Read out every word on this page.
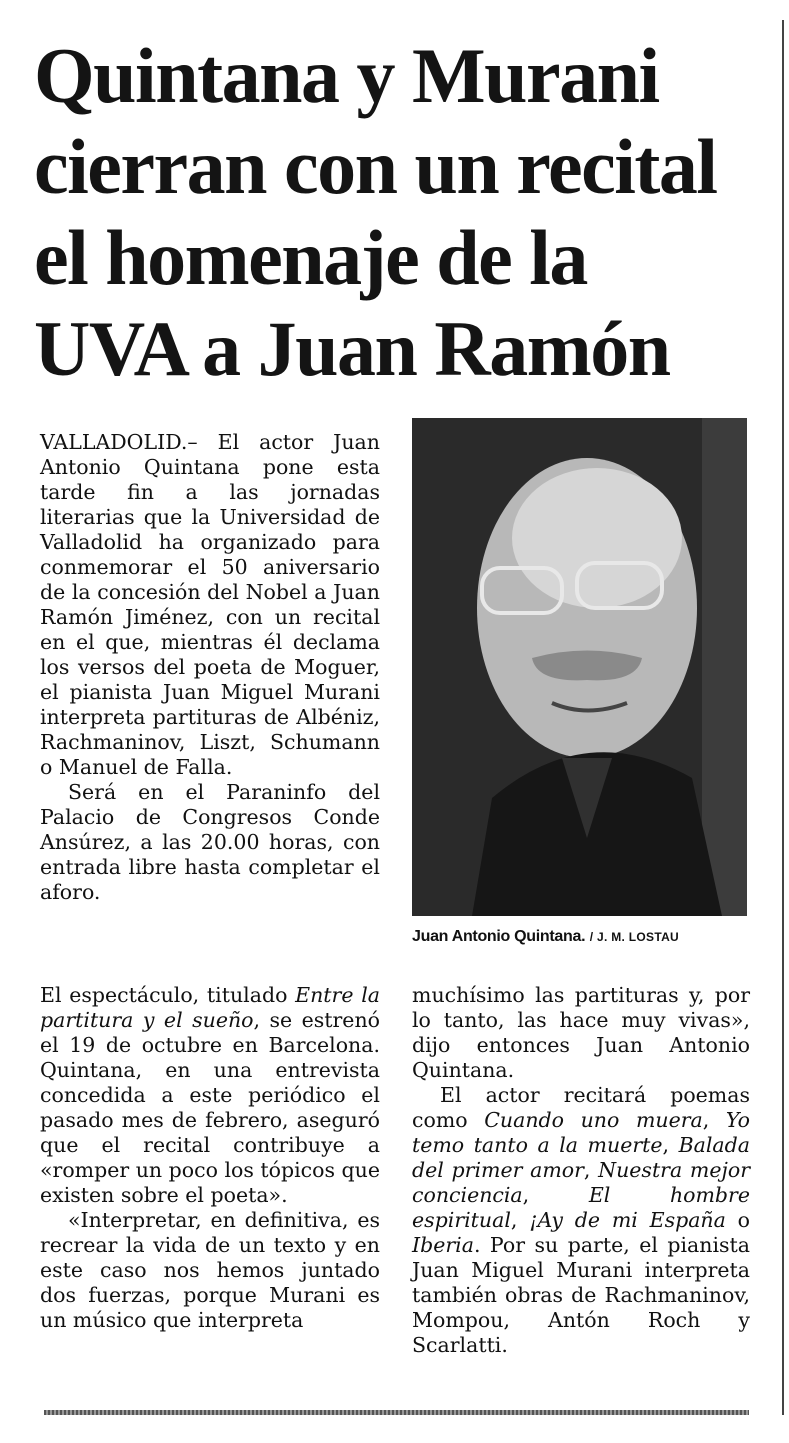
Quintana y Murani
cierran con un recital
el homenaje de la
UVA a Juan Ramón

VALLADOLID.– El actor Juan Antonio Quintana pone esta tarde fin a las jornadas literarias que la Universidad de Valladolid ha organizado para conmemorar el 50 aniversario de la concesión del Nobel a Juan Ramón Jiménez, con un recital en el que, mientras él declama los versos del poeta de Moguer, el pianista Juan Miguel Murani interpreta partituras de Albéniz, Rachmaninov, Liszt, Schumann o Manuel de Falla.

Será en el Paraninfo del Palacio de Congresos Conde Ansúrez, a las 20.00 horas, con entrada libre hasta completar el aforo.

Juan Antonio Quintana. / J. M. LOSTAU

El espectáculo, titulado Entre la partitura y el sueño, se estrenó el 19 de octubre en Barcelona. Quintana, en una entrevista concedida a este periódico el pasado mes de febrero, aseguró que el recital contribuye a «romper un poco los tópicos que existen sobre el poeta».

«Interpretar, en definitiva, es recrear la vida de un texto y en este caso nos hemos juntado dos fuerzas, porque Murani es un músico que interpreta

muchísimo las partituras y, por lo tanto, las hace muy vivas», dijo entonces Juan Antonio Quintana.

El actor recitará poemas como Cuando uno muera, Yo temo tanto a la muerte, Balada del primer amor, Nuestra mejor conciencia, El hombre espiritual, ¡Ay de mi España o Iberia. Por su parte, el pianista Juan Miguel Murani interpreta también obras de Rachmaninov, Mompou, Antón Roch y Scarlatti.
